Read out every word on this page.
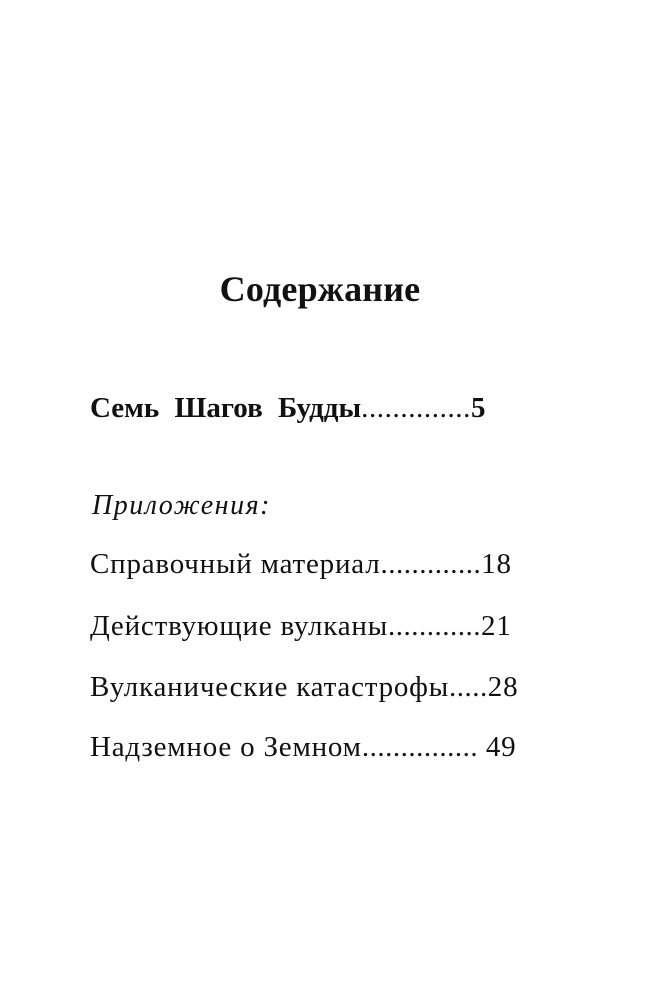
Содержание
Семь Шагов Будды..............5
Приложения:
Справочный материал.............18
Действующие вулканы............21
Вулканические катастрофы.....28
Надземное о Земном............... 49
